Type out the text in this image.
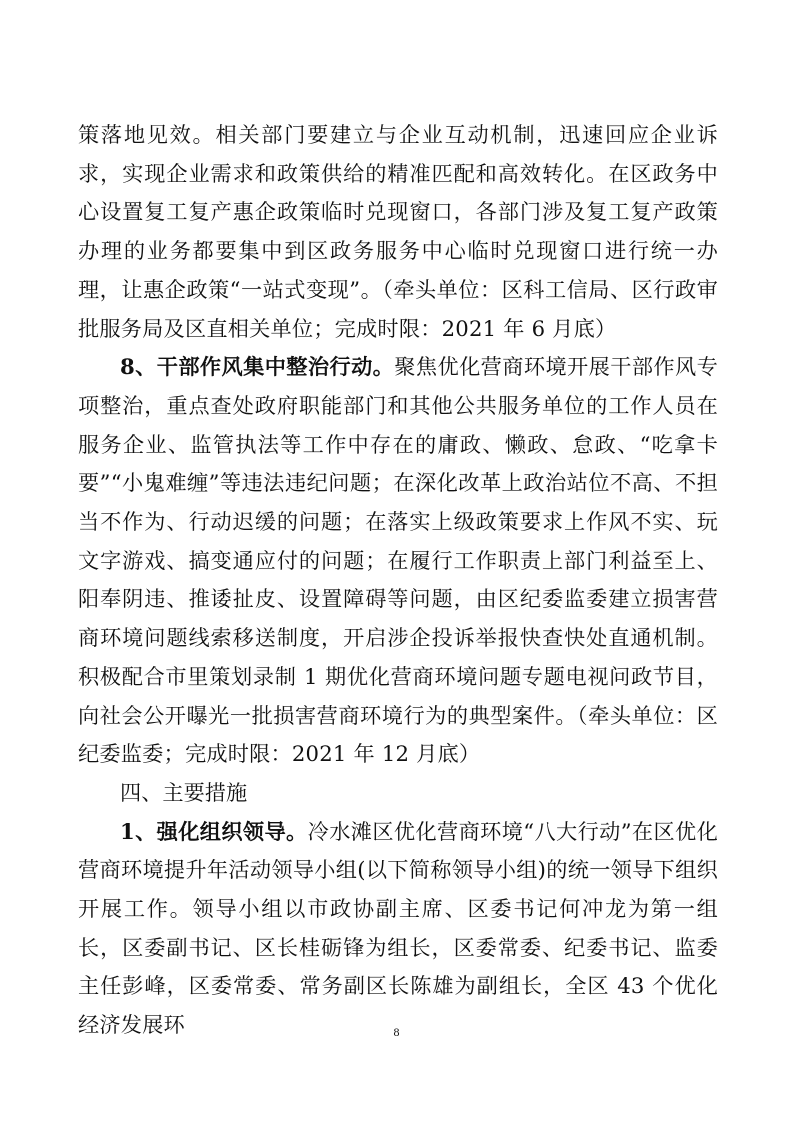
策落地见效。相关部门要建立与企业互动机制，迅速回应企业诉求，实现企业需求和政策供给的精准匹配和高效转化。在区政务中心设置复工复产惠企政策临时兑现窗口，各部门涉及复工复产政策办理的业务都要集中到区政务服务中心临时兑现窗口进行统一办理，让惠企政策“一站式变现”。（牵头单位：区科工信局、区行政审批服务局及区直相关单位；完成时限：2021 年 6 月底）

8、干部作风集中整治行动。聚焦优化营商环境开展干部作风专项整治，重点查处政府职能部门和其他公共服务单位的工作人员在服务企业、监管执法等工作中存在的庸政、懒政、怠政、“吃拿卡要”“小鬼难缠”等违法违纪问题；在深化改革上政治站位不高、不担当不作为、行动迟缓的问题；在落实上级政策要求上作风不实、玩文字游戏、搞变通应付的问题；在履行工作职责上部门利益至上、阳奉阴违、推诿扯皮、设置障碍等问题，由区纪委监委建立损害营商环境问题线索移送制度，开启涉企投诉举报快查快处直通机制。积极配合市里策划录制 1 期优化营商环境问题专题电视问政节目，向社会公开曝光一批损害营商环境行为的典型案件。（牵头单位：区纪委监委；完成时限：2021 年 12 月底）

四、主要措施

1、强化组织领导。冷水滩区优化营商环境“八大行动”在区优化营商环境提升年活动领导小组(以下简称领导小组)的统一领导下组织开展工作。领导小组以市政协副主席、区委书记何冲龙为第一组长，区委副书记、区长桂砺锋为组长，区委常委、纪委书记、监委主任彭峰，区委常委、常务副区长陈雄为副组长，全区 43 个优化经济发展环	8
